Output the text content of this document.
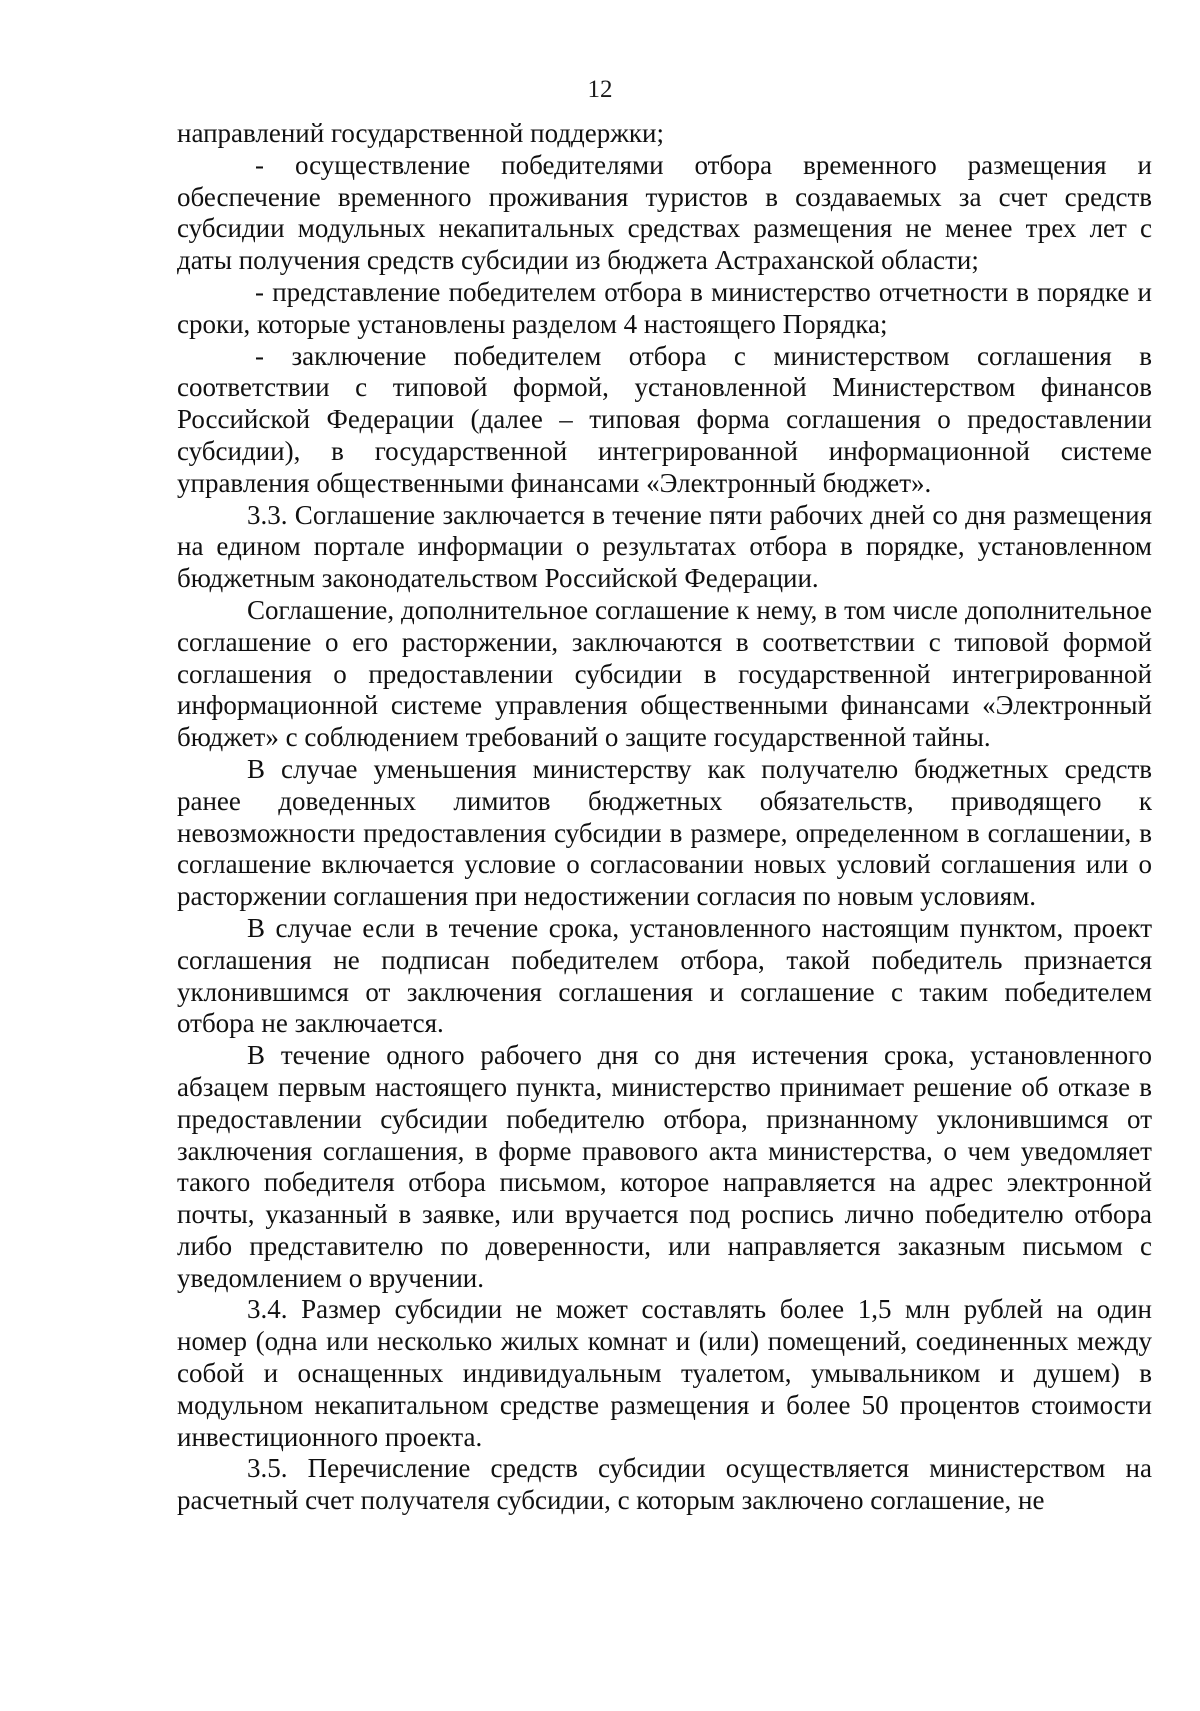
12

направлений государственной поддержки;

- осуществление победителями отбора временного размещения и обеспечение временного проживания туристов в создаваемых за счет средств субсидии модульных некапитальных средствах размещения не менее трех лет с даты получения средств субсидии из бюджета Астраханской области;

- представление победителем отбора в министерство отчетности в порядке и сроки, которые установлены разделом 4 настоящего Порядка;

- заключение победителем отбора с министерством соглашения в соответствии с типовой формой, установленной Министерством финансов Российской Федерации (далее – типовая форма соглашения о предоставлении субсидии), в государственной интегрированной информационной системе управления общественными финансами «Электронный бюджет».

3.3. Соглашение заключается в течение пяти рабочих дней со дня размещения на едином портале информации о результатах отбора в порядке, установленном бюджетным законодательством Российской Федерации.

Соглашение, дополнительное соглашение к нему, в том числе дополнительное соглашение о его расторжении, заключаются в соответствии с типовой формой соглашения о предоставлении субсидии в государственной интегрированной информационной системе управления общественными финансами «Электронный бюджет» с соблюдением требований о защите государственной тайны.

В случае уменьшения министерству как получателю бюджетных средств ранее доведенных лимитов бюджетных обязательств, приводящего к невозможности предоставления субсидии в размере, определенном в соглашении, в соглашение включается условие о согласовании новых условий соглашения или о расторжении соглашения при недостижении согласия по новым условиям.

В случае если в течение срока, установленного настоящим пунктом, проект соглашения не подписан победителем отбора, такой победитель признается уклонившимся от заключения соглашения и соглашение с таким победителем отбора не заключается.

В течение одного рабочего дня со дня истечения срока, установленного абзацем первым настоящего пункта, министерство принимает решение об отказе в предоставлении субсидии победителю отбора, признанному уклонившимся от заключения соглашения, в форме правового акта министерства, о чем уведомляет такого победителя отбора письмом, которое направляется на адрес электронной почты, указанный в заявке, или вручается под роспись лично победителю отбора либо представителю по доверенности, или направляется заказным письмом с уведомлением о вручении.

3.4. Размер субсидии не может составлять более 1,5 млн рублей на один номер (одна или несколько жилых комнат и (или) помещений, соединенных между собой и оснащенных индивидуальным туалетом, умывальником и душем) в модульном некапитальном средстве размещения и более 50 процентов стоимости инвестиционного проекта.

3.5. Перечисление средств субсидии осуществляется министерством на расчетный счет получателя субсидии, с которым заключено соглашение, не
